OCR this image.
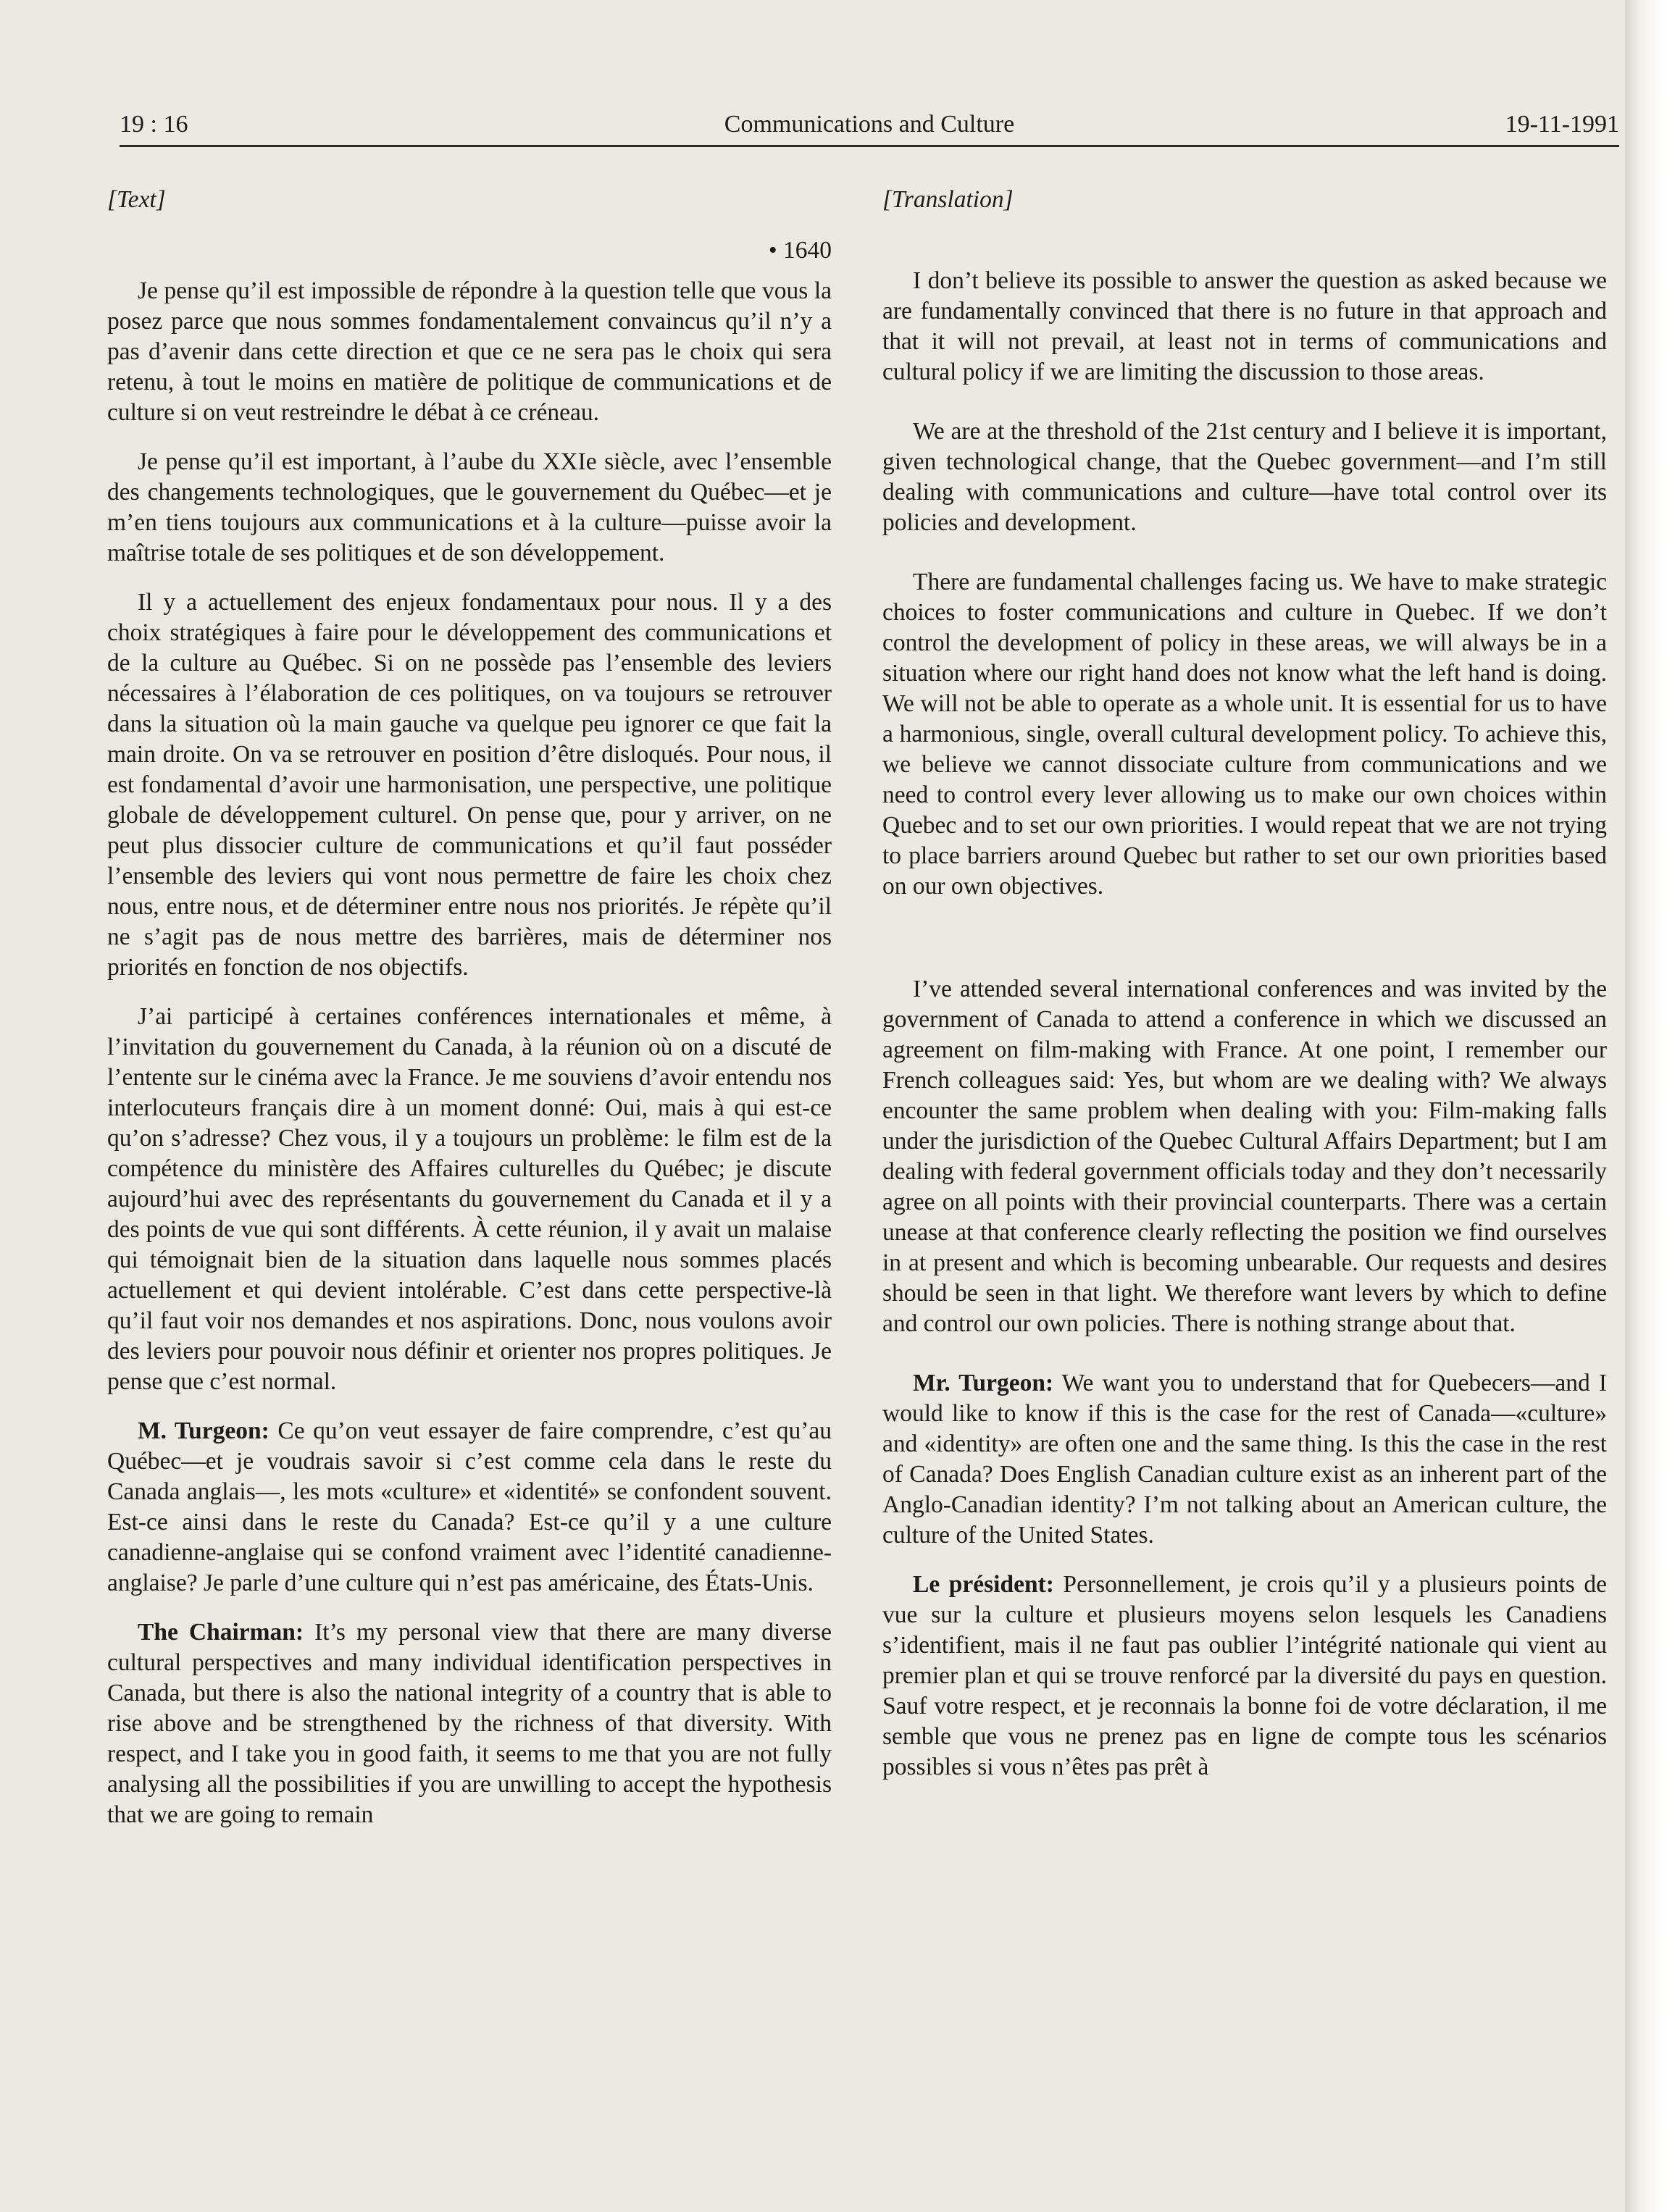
19 : 16	Communications and Culture	19-11-1991
[Text]
• 1640

Je pense qu’il est impossible de répondre à la question telle que vous la posez parce que nous sommes fondamentalement convaincus qu’il n’y a pas d’avenir dans cette direction et que ce ne sera pas le choix qui sera retenu, à tout le moins en matière de politique de communications et de culture si on veut restreindre le débat à ce créneau.

Je pense qu’il est important, à l’aube du XXIe siècle, avec l’ensemble des changements technologiques, que le gouvernement du Québec—et je m’en tiens toujours aux communications et à la culture—puisse avoir la maîtrise totale de ses politiques et de son développement.

Il y a actuellement des enjeux fondamentaux pour nous. Il y a des choix stratégiques à faire pour le développement des communications et de la culture au Québec. Si on ne possède pas l’ensemble des leviers nécessaires à l’élaboration de ces politiques, on va toujours se retrouver dans la situation où la main gauche va quelque peu ignorer ce que fait la main droite. On va se retrouver en position d’être disloqués. Pour nous, il est fondamental d’avoir une harmonisation, une perspective, une politique globale de développement culturel. On pense que, pour y arriver, on ne peut plus dissocier culture de communications et qu’il faut posséder l’ensemble des leviers qui vont nous permettre de faire les choix chez nous, entre nous, et de déterminer entre nous nos priorités. Je répète qu’il ne s’agit pas de nous mettre des barrières, mais de déterminer nos priorités en fonction de nos objectifs.

J’ai participé à certaines conférences internationales et même, à l’invitation du gouvernement du Canada, à la réunion où on a discuté de l’entente sur le cinéma avec la France. Je me souviens d’avoir entendu nos interlocuteurs français dire à un moment donné: Oui, mais à qui est-ce qu’on s’adresse? Chez vous, il y a toujours un problème: le film est de la compétence du ministère des Affaires culturelles du Québec; je discute aujourd’hui avec des représentants du gouvernement du Canada et il y a des points de vue qui sont différents. À cette réunion, il y avait un malaise qui témoignait bien de la situation dans laquelle nous sommes placés actuellement et qui devient intolérable. C’est dans cette perspective-là qu’il faut voir nos demandes et nos aspirations. Donc, nous voulons avoir des leviers pour pouvoir nous définir et orienter nos propres politiques. Je pense que c’est normal.

M. Turgeon: Ce qu’on veut essayer de faire comprendre, c’est qu’au Québec—et je voudrais savoir si c’est comme cela dans le reste du Canada anglais—, les mots «culture» et «identité» se confondent souvent. Est-ce ainsi dans le reste du Canada? Est-ce qu’il y a une culture canadienne-anglaise qui se confond vraiment avec l’identité canadienne-anglaise? Je parle d’une culture qui n’est pas américaine, des États-Unis.

The Chairman: It’s my personal view that there are many diverse cultural perspectives and many individual identification perspectives in Canada, but there is also the national integrity of a country that is able to rise above and be strengthened by the richness of that diversity. With respect, and I take you in good faith, it seems to me that you are not fully analysing all the possibilities if you are unwilling to accept the hypothesis that we are going to remain

[Translation]

I don’t believe its possible to answer the question as asked because we are fundamentally convinced that there is no future in that approach and that it will not prevail, at least not in terms of communications and cultural policy if we are limiting the discussion to those areas.

We are at the threshold of the 21st century and I believe it is important, given technological change, that the Quebec government—and I’m still dealing with communications and culture—have total control over its policies and development.

There are fundamental challenges facing us. We have to make strategic choices to foster communications and culture in Quebec. If we don’t control the development of policy in these areas, we will always be in a situation where our right hand does not know what the left hand is doing. We will not be able to operate as a whole unit. It is essential for us to have a harmonious, single, overall cultural development policy. To achieve this, we believe we cannot dissociate culture from communications and we need to control every lever allowing us to make our own choices within Quebec and to set our own priorities. I would repeat that we are not trying to place barriers around Quebec but rather to set our own priorities based on our own objectives.

I’ve attended several international conferences and was invited by the government of Canada to attend a conference in which we discussed an agreement on film-making with France. At one point, I remember our French colleagues said: Yes, but whom are we dealing with? We always encounter the same problem when dealing with you: Film-making falls under the jurisdiction of the Quebec Cultural Affairs Department; but I am dealing with federal government officials today and they don’t necessarily agree on all points with their provincial counterparts. There was a certain unease at that conference clearly reflecting the position we find ourselves in at present and which is becoming unbearable. Our requests and desires should be seen in that light. We therefore want levers by which to define and control our own policies. There is nothing strange about that.

Mr. Turgeon: We want you to understand that for Quebecers—and I would like to know if this is the case for the rest of Canada—«culture» and «identity» are often one and the same thing. Is this the case in the rest of Canada? Does English Canadian culture exist as an inherent part of the Anglo-Canadian identity? I’m not talking about an American culture, the culture of the United States.

Le président: Personnellement, je crois qu’il y a plusieurs points de vue sur la culture et plusieurs moyens selon lesquels les Canadiens s’identifient, mais il ne faut pas oublier l’intégrité nationale qui vient au premier plan et qui se trouve renforcé par la diversité du pays en question. Sauf votre respect, et je reconnais la bonne foi de votre déclaration, il me semble que vous ne prenez pas en ligne de compte tous les scénarios possibles si vous n’êtes pas prêt à
